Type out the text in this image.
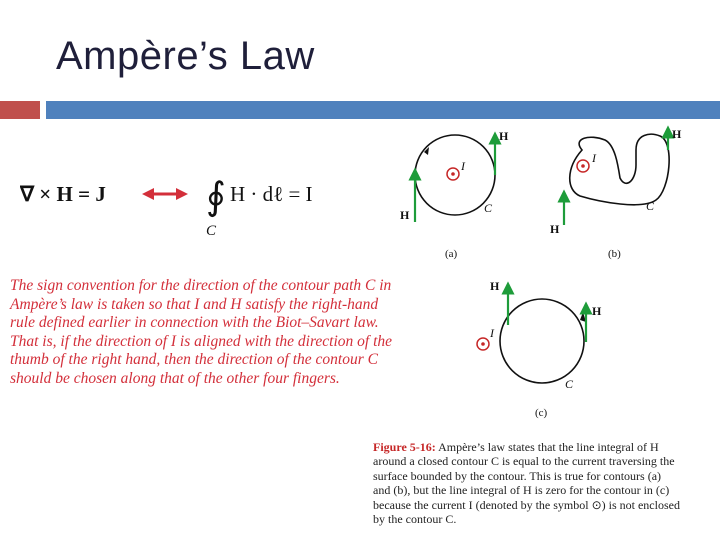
Ampère’s Law
∇ × H = J	∮ H · dℓ = I
C
The sign convention for the direction of the contour path C in
Ampère’s law is taken so that I and H satisfy the right-hand
rule defined earlier in connection with the Biot–Savart law.
That is, if the direction of I is aligned with the direction of the
thumb of the right hand, then the direction of the contour C
should be chosen along that of the other four fingers.
I
H
H	C
(a)
I
H
H
C
(b)
I
H
H
C
(c)
Figure 5-16: Ampère’s law states that the line integral of H
around a closed contour C is equal to the current traversing the
surface bounded by the contour. This is true for contours (a)
and (b), but the line integral of H is zero for the contour in (c)
because the current I (denoted by the symbol ⊙) is not enclosed
by the contour C.
